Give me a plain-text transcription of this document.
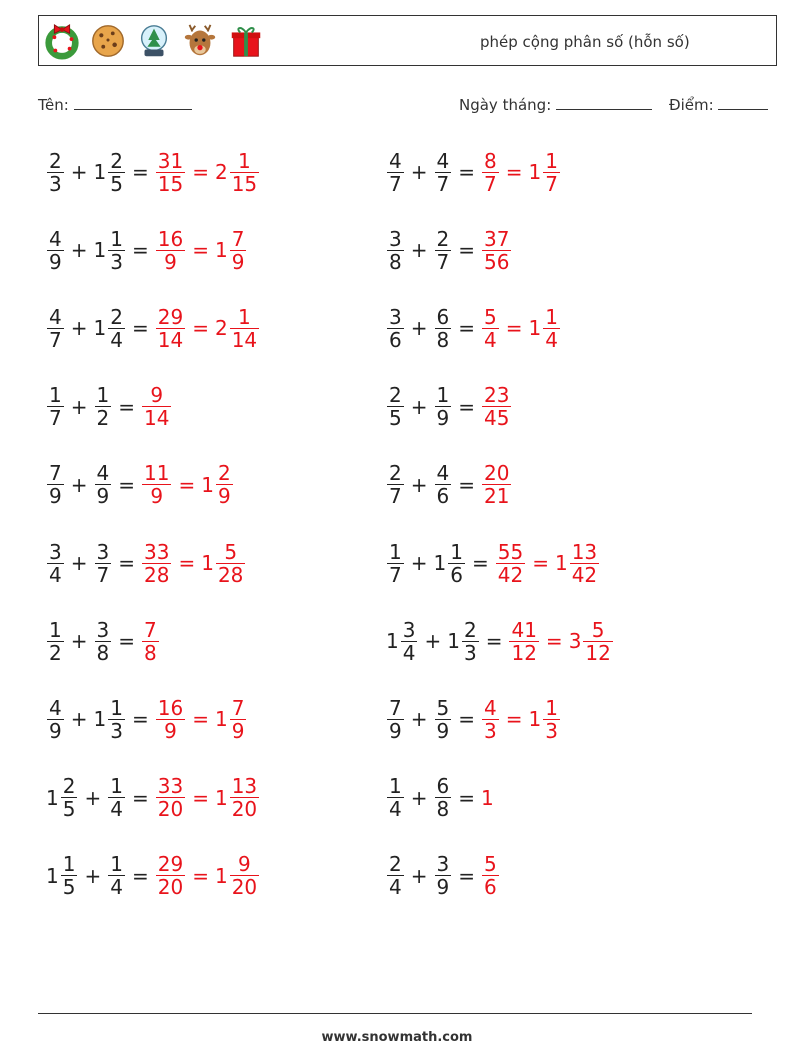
phép cộng phân số (hỗn số)
Tên:	Ngày tháng:	Điểm:
$\frac{2}{3} + 1 \frac{2}{5} = \frac{31}{15} = 2 \frac{1}{15}$	$\frac{4}{7} + \frac{4}{7} = \frac{8}{7} = 1 \frac{1}{7}$
$\frac{4}{9} + 1 \frac{1}{3} = \frac{16}{9} = 1 \frac{7}{9}$	$\frac{3}{8} + \frac{2}{7} = \frac{37}{56}$
$\frac{4}{7} + 1 \frac{2}{4} = \frac{29}{14} = 2 \frac{1}{14}$	$\frac{3}{6} + \frac{6}{8} = \frac{5}{4} = 1 \frac{1}{4}$
$\frac{1}{7} + \frac{1}{2} = \frac{9}{14}$	$\frac{2}{5} + \frac{1}{9} = \frac{23}{45}$
$\frac{7}{9} + \frac{4}{9} = \frac{11}{9} = 1 \frac{2}{9}$	$\frac{2}{7} + \frac{4}{6} = \frac{20}{21}$
$\frac{3}{4} + \frac{3}{7} = \frac{33}{28} = 1 \frac{5}{28}$	$\frac{1}{7} + 1 \frac{1}{6} = \frac{55}{42} = 1 \frac{13}{42}$
$\frac{1}{2} + \frac{3}{8} = \frac{7}{8}$	$1 \frac{3}{4} + 1 \frac{2}{3} = \frac{41}{12} = 3 \frac{5}{12}$
$\frac{4}{9} + 1 \frac{1}{3} = \frac{16}{9} = 1 \frac{7}{9}$	$\frac{7}{9} + \frac{5}{9} = \frac{4}{3} = 1 \frac{1}{3}$
$1 \frac{2}{5} + \frac{1}{4} = \frac{33}{20} = 1 \frac{13}{20}$	$\frac{1}{4} + \frac{6}{8} = 1$
$1 \frac{1}{5} + \frac{1}{4} = \frac{29}{20} = 1 \frac{9}{20}$	$\frac{2}{4} + \frac{3}{9} = \frac{5}{6}$
www.snowmath.com
